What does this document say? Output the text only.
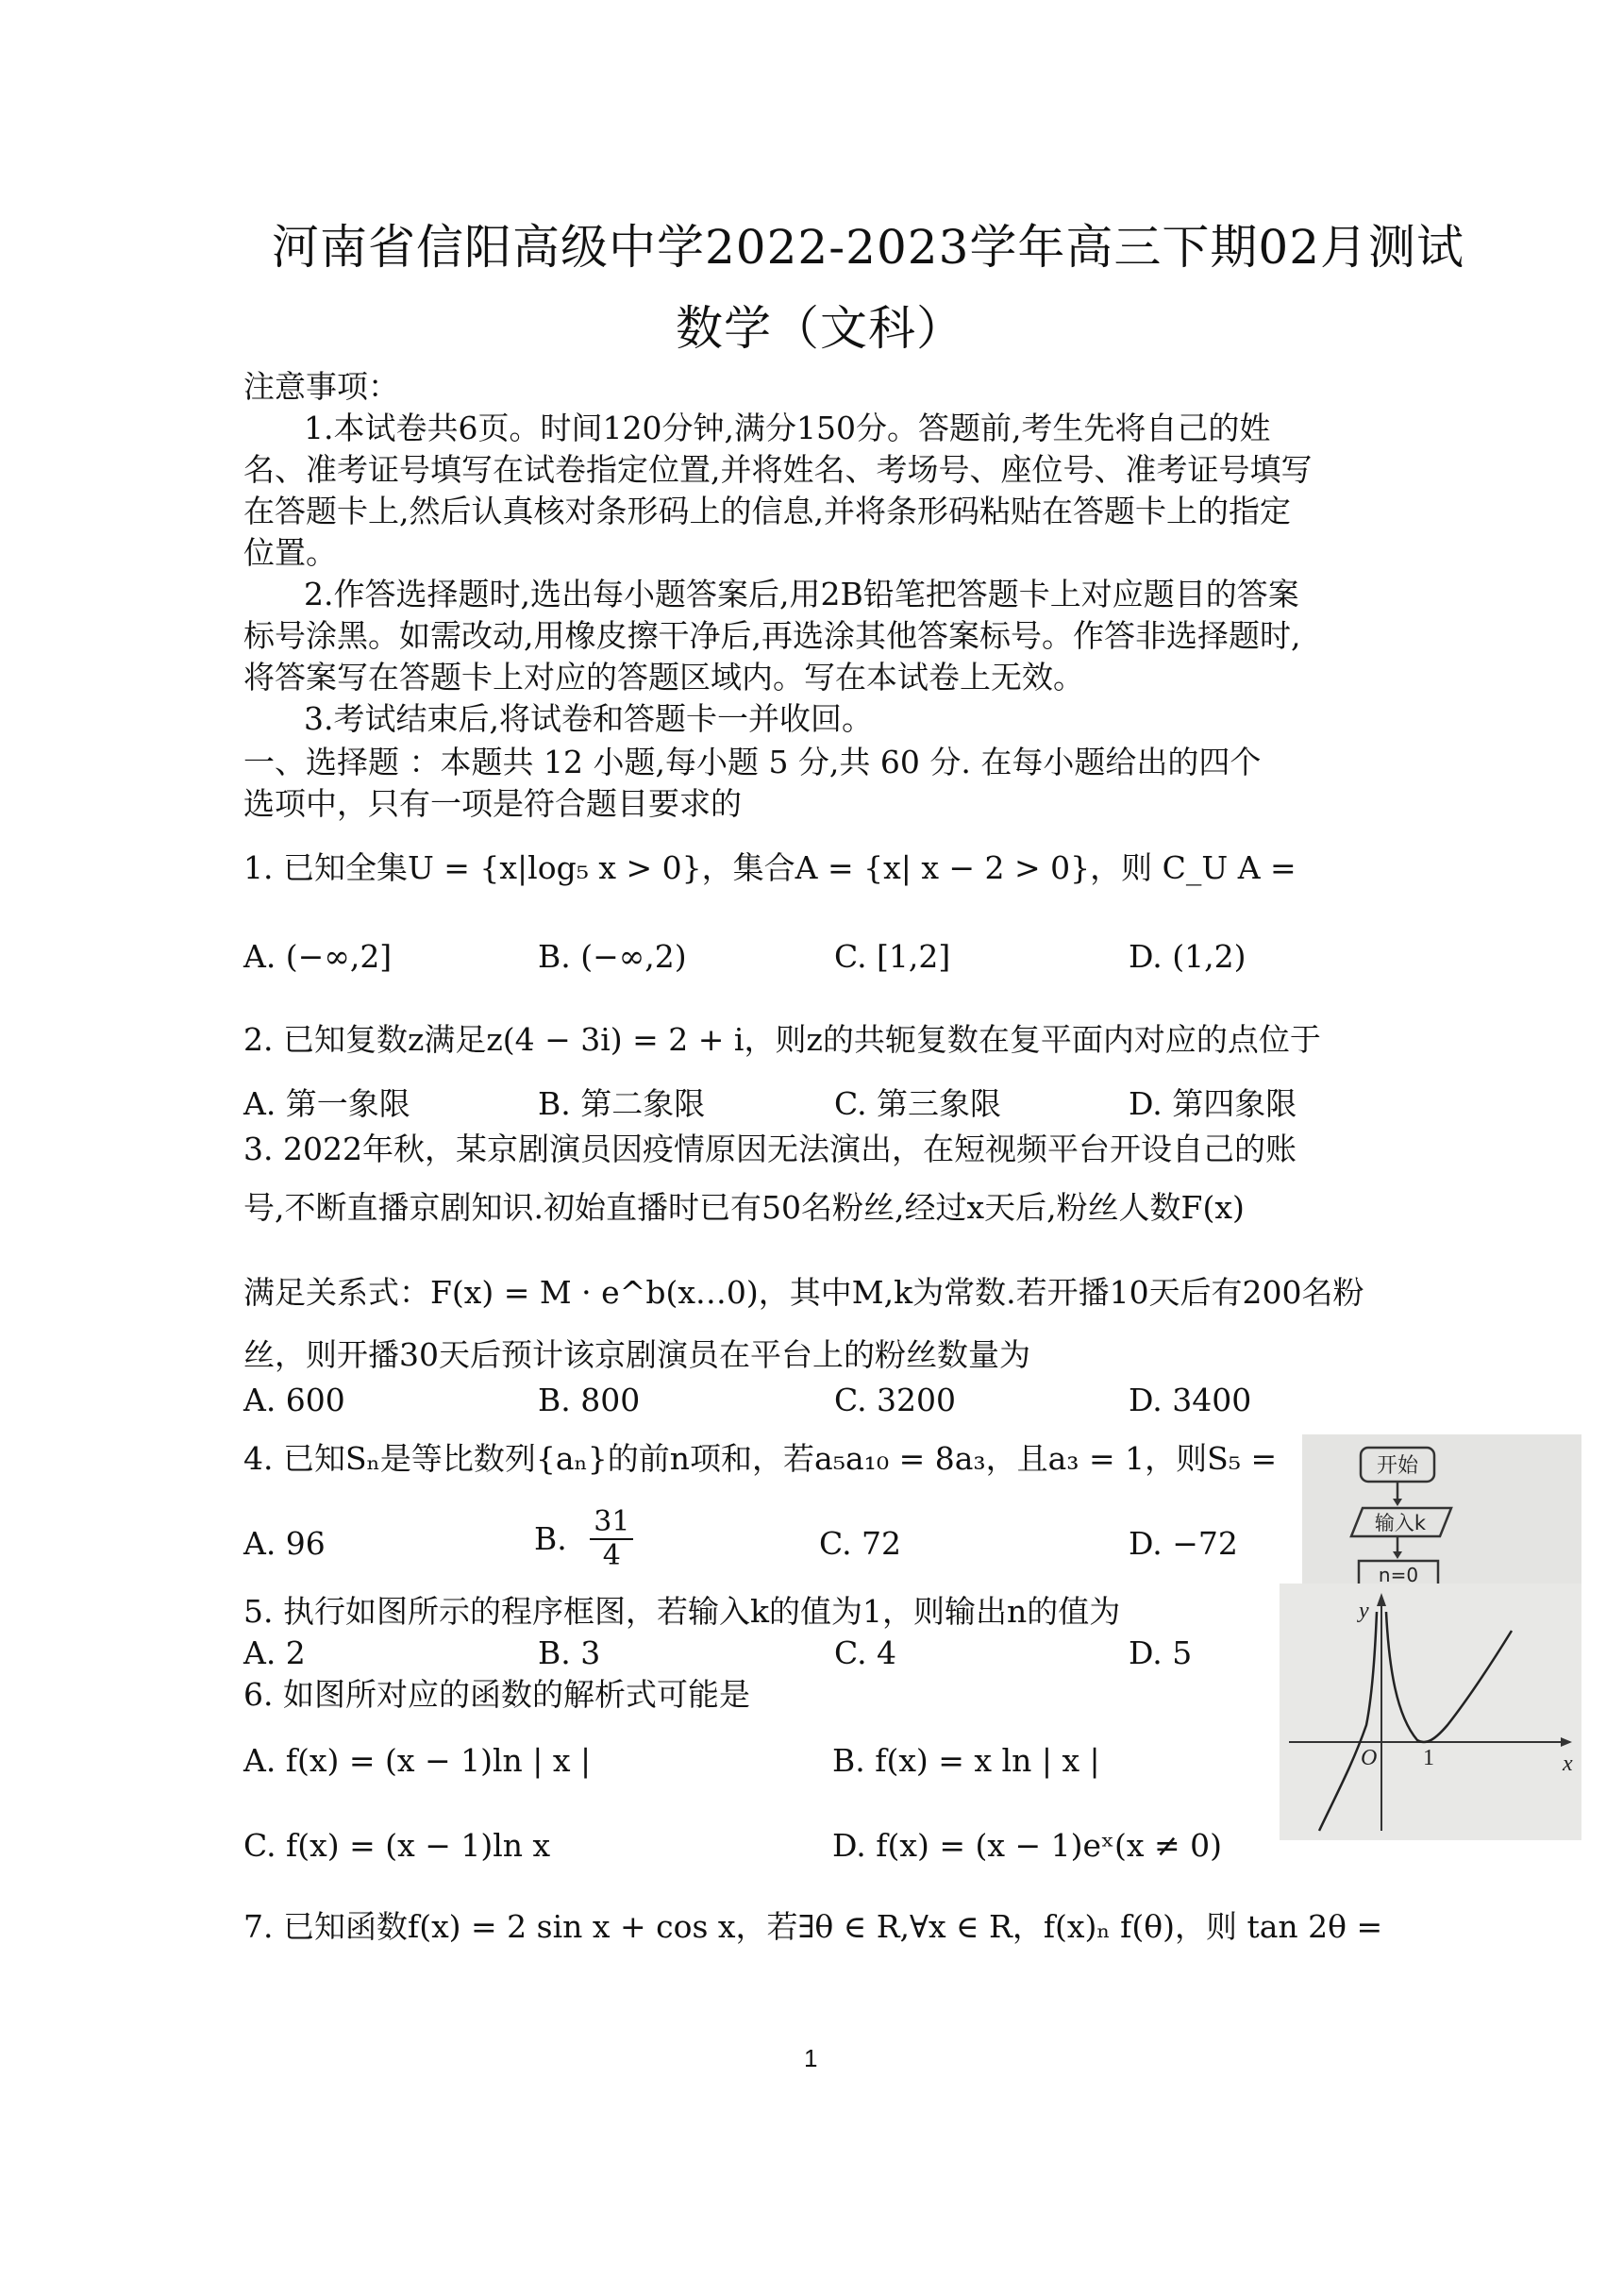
河南省信阳高级中学2022-2023学年高三下期02月测试
数学（文科）
注意事项：
1.本试卷共6页。时间120分钟,满分150分。答题前,考生先将自己的姓
名、准考证号填写在试卷指定位置,并将姓名、考场号、座位号、准考证号填写
在答题卡上,然后认真核对条形码上的信息,并将条形码粘贴在答题卡上的指定
位置。
2.作答选择题时,选出每小题答案后,用2B铅笔把答题卡上对应题目的答案
标号涂黑。如需改动,用橡皮擦干净后,再选涂其他答案标号。作答非选择题时,
将答案写在答题卡上对应的答题区域内。写在本试卷上无效。
3.考试结束后,将试卷和答题卡一并收回。
一、选择题 ：本题共 12 小题,每小题 5 分,共 60 分. 在每小题给出的四个
选项中，只有一项是符合题目要求的
1. 已知全集U = {x|log₅ x > 0}，集合A = {x| x − 2 > 0}，则 C_U A =
A. (−∞,2]	B. (−∞,2)	C. [1,2]	D. (1,2)
2. 已知复数z满足z(4 − 3i) = 2 + i，则z的共轭复数在复平面内对应的点位于
A. 第一象限	B. 第二象限	C. 第三象限	D. 第四象限
3. 2022年秋，某京剧演员因疫情原因无法演出，在短视频平台开设自己的账
号,不断直播京剧知识.初始直播时已有50名粉丝,经过x天后,粉丝人数F(x)
满足关系式：F(x) = M · e^b(x…0)，其中M,k为常数.若开播10天后有200名粉
丝，则开播30天后预计该京剧演员在平台上的粉丝数量为
A. 600	B. 800	C. 3200	D. 3400
4. 已知Sₙ是等比数列{aₙ}的前n项和，若a₅a₁₀ = 8a₃，且a₃ = 1，则S₅ =
A. 96	B. $\frac{31}{4}$	C. 72	D. −72
5. 执行如图所示的程序框图，若输入k的值为1，则输出n的值为
A. 2	B. 3	C. 4	D. 5
6. 如图所对应的函数的解析式可能是
A. f(x) = (x − 1)ln | x |	B. f(x) = x ln | x |
C. f(x) = (x − 1)ln x	D. f(x) = (x − 1)eˣ(x ≠ 0)
7. 已知函数f(x) = 2 sin x + cos x，若∃θ ∈ R,∀x ∈ R，f(x)ₙ f(θ)，则 tan 2θ =
开始
输入k
n=0
y
x
O 1
1
